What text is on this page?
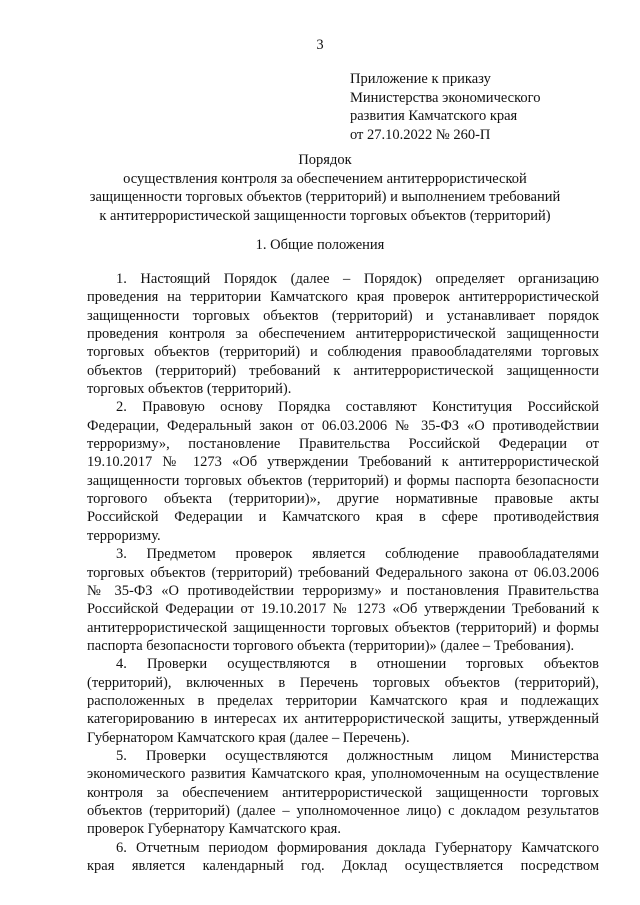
3
Приложение к приказу
Министерства экономического
развития Камчатского края
от 27.10.2022 № 260-П
Порядок
осуществления контроля за обеспечением антитеррористической
защищенности торговых объектов (территорий) и выполнением требований
к антитеррористической защищенности торговых объектов (территорий)
1. Общие положения
1. Настоящий Порядок (далее – Порядок) определяет организацию
проведения на территории Камчатского края проверок антитеррористической
защищенности торговых объектов (территорий) и устанавливает порядок
проведения контроля за обеспечением антитеррористической защищенности
торговых объектов (территорий) и соблюдения правообладателями торговых
объектов (территорий) требований к антитеррористической защищенности
торговых объектов (территорий).
2. Правовую основу Порядка составляют Конституция Российской
Федерации, Федеральный закон от 06.03.2006 № 35-ФЗ «О противодействии
терроризму», постановление Правительства Российской Федерации от
19.10.2017 № 1273 «Об утверждении Требований к антитеррористической
защищенности торговых объектов (территорий) и формы паспорта безопасности
торгового объекта (территории)», другие нормативные правовые акты
Российской Федерации и Камчатского края в сфере противодействия
терроризму.
3. Предметом проверок является соблюдение правообладателями
торговых объектов (территорий) требований Федерального закона от 06.03.2006
№ 35-ФЗ «О противодействии терроризму» и постановления Правительства
Российской Федерации от 19.10.2017 № 1273 «Об утверждении Требований к
антитеррористической защищенности торговых объектов (территорий) и формы
паспорта безопасности торгового объекта (территории)» (далее – Требования).
4. Проверки осуществляются в отношении торговых объектов
(территорий), включенных в Перечень торговых объектов (территорий),
расположенных в пределах территории Камчатского края и подлежащих
категорированию в интересах их антитеррористической защиты, утвержденный
Губернатором Камчатского края (далее – Перечень).
5. Проверки осуществляются должностным лицом Министерства
экономического развития Камчатского края, уполномоченным на осуществление
контроля за обеспечением антитеррористической защищенности торговых
объектов (территорий) (далее – уполномоченное лицо) с докладом результатов
проверок Губернатору Камчатского края.
6. Отчетным периодом формирования доклада Губернатору Камчатского
края является календарный год. Доклад осуществляется посредством
